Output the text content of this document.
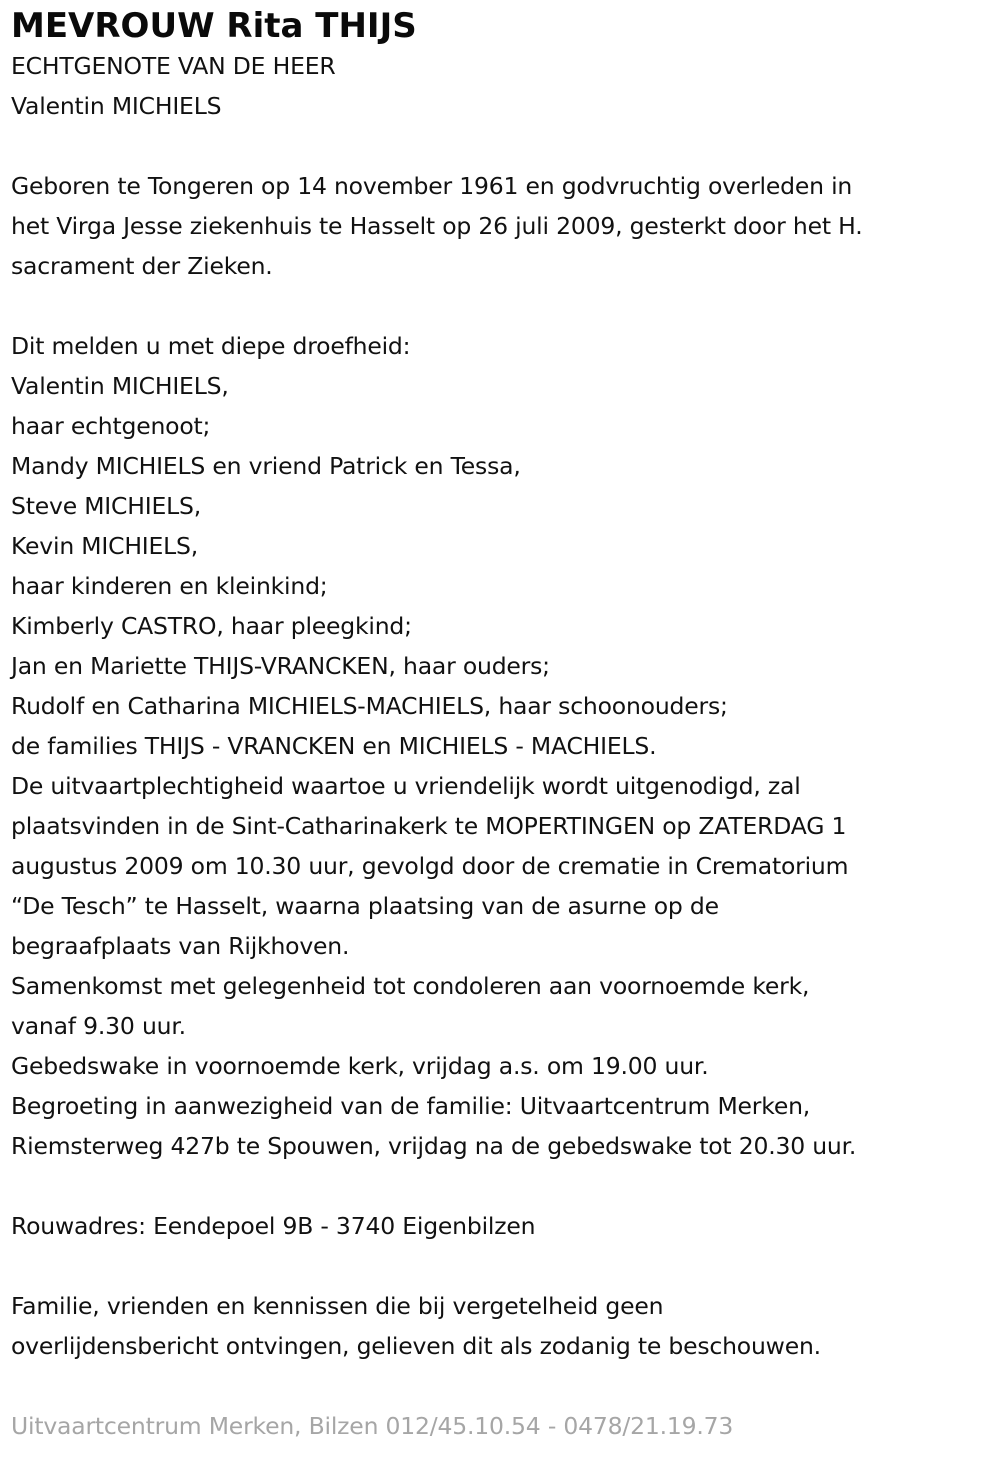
MEVROUW Rita THIJS

ECHTGENOTE VAN DE HEER

Valentin MICHIELS

Geboren te Tongeren op 14 november 1961 en godvruchtig overleden in

het Virga Jesse ziekenhuis te Hasselt op 26 juli 2009, gesterkt door het H.

sacrament der Zieken.

Dit melden u met diepe droefheid:

Valentin MICHIELS,

haar echtgenoot;

Mandy MICHIELS en vriend Patrick en Tessa,

Steve MICHIELS,

Kevin MICHIELS,

haar kinderen en kleinkind;

Kimberly CASTRO, haar pleegkind;

Jan en Mariette THIJS-VRANCKEN, haar ouders;

Rudolf en Catharina MICHIELS-MACHIELS, haar schoonouders;

de families THIJS - VRANCKEN en MICHIELS - MACHIELS.

De uitvaartplechtigheid waartoe u vriendelijk wordt uitgenodigd, zal

plaatsvinden in de Sint-Catharinakerk te MOPERTINGEN op ZATERDAG 1

augustus 2009 om 10.30 uur, gevolgd door de crematie in Crematorium

“De Tesch” te Hasselt, waarna plaatsing van de asurne op de

begraafplaats van Rijkhoven.

Samenkomst met gelegenheid tot condoleren aan voornoemde kerk,

vanaf 9.30 uur.

Gebedswake in voornoemde kerk, vrijdag a.s. om 19.00 uur.

Begroeting in aanwezigheid van de familie: Uitvaartcentrum Merken,

Riemsterweg 427b te Spouwen, vrijdag na de gebedswake tot 20.30 uur.

Rouwadres: Eendepoel 9B - 3740 Eigenbilzen

Familie, vrienden en kennissen die bij vergetelheid geen

overlijdensbericht ontvingen, gelieven dit als zodanig te beschouwen.

Uitvaartcentrum Merken, Bilzen 012/45.10.54 - 0478/21.19.73
